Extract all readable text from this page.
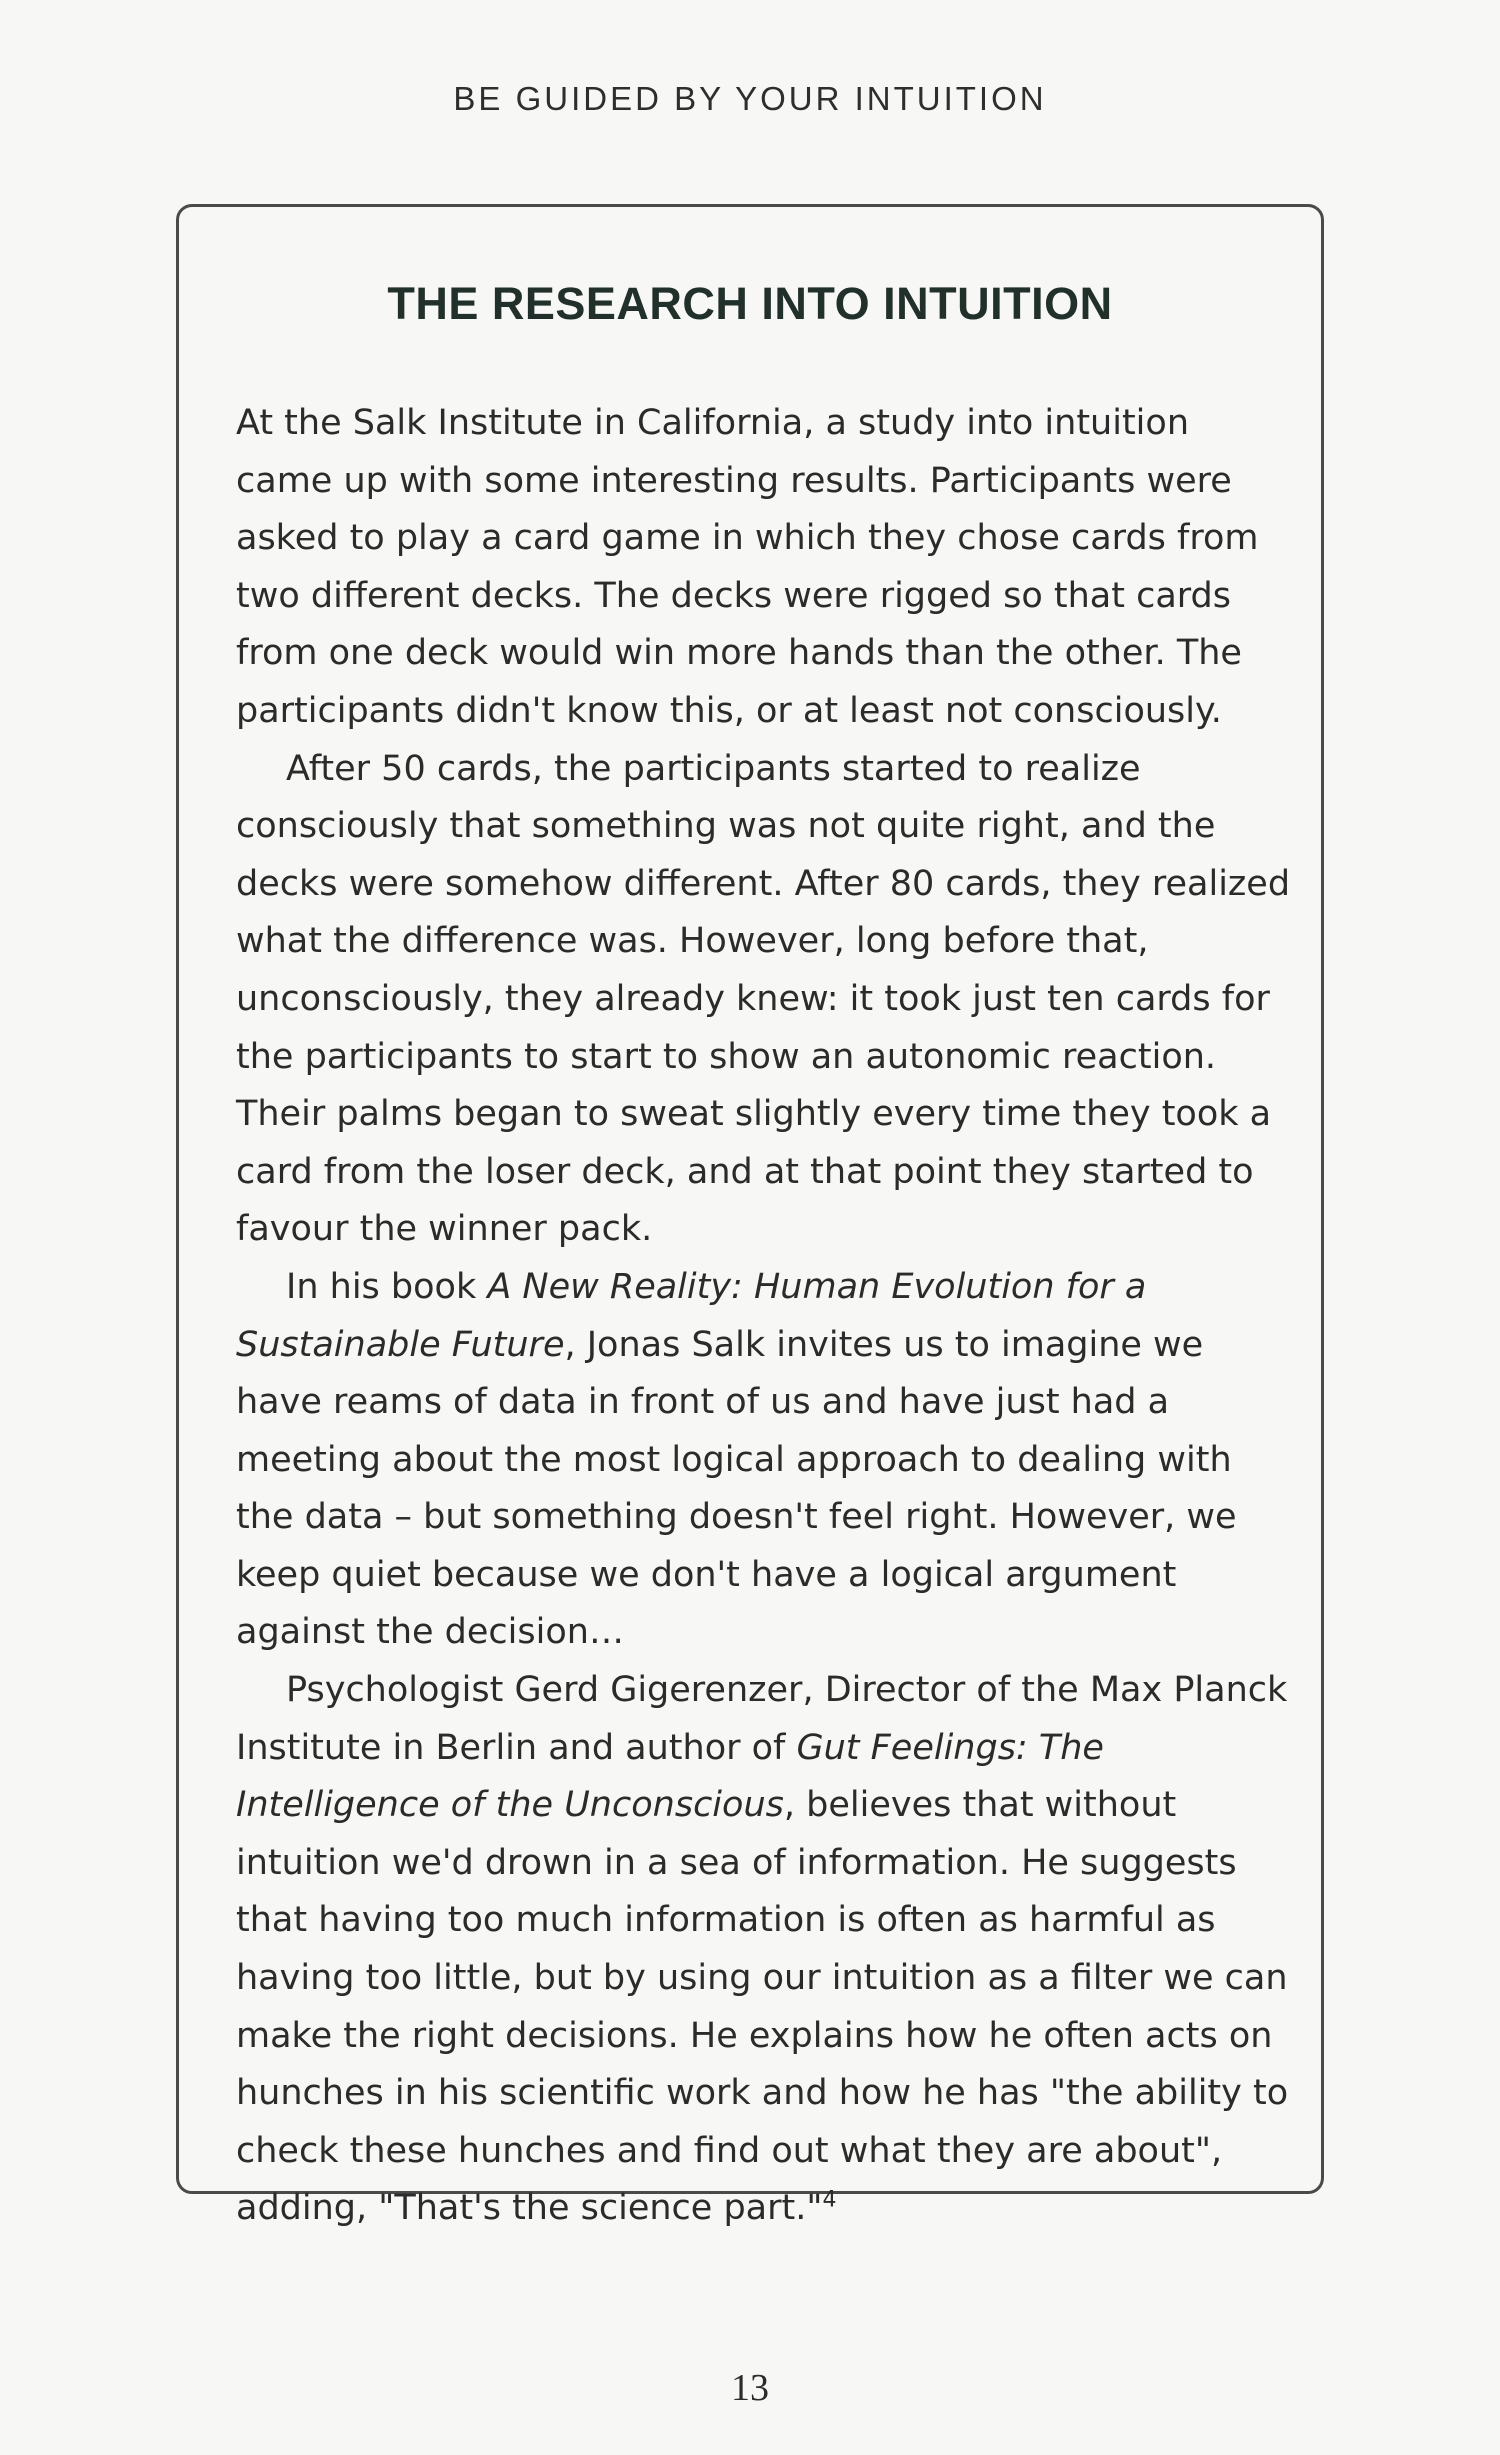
BE GUIDED BY YOUR INTUITION
THE RESEARCH INTO INTUITION

At the Salk Institute in California, a study into intuition came up with some interesting results. Participants were asked to play a card game in which they chose cards from two different decks. The decks were rigged so that cards from one deck would win more hands than the other. The participants didn't know this, or at least not consciously.

After 50 cards, the participants started to realize consciously that something was not quite right, and the decks were somehow different. After 80 cards, they realized what the difference was. However, long before that, unconsciously, they already knew: it took just ten cards for the participants to start to show an autonomic reaction. Their palms began to sweat slightly every time they took a card from the loser deck, and at that point they started to favour the winner pack.

In his book A New Reality: Human Evolution for a Sustainable Future, Jonas Salk invites us to imagine we have reams of data in front of us and have just had a meeting about the most logical approach to dealing with the data – but something doesn't feel right. However, we keep quiet because we don't have a logical argument against the decision…

Psychologist Gerd Gigerenzer, Director of the Max Planck Institute in Berlin and author of Gut Feelings: The Intelligence of the Unconscious, believes that without intuition we'd drown in a sea of information. He suggests that having too much information is often as harmful as having too little, but by using our intuition as a filter we can make the right decisions. He explains how he often acts on hunches in his scientific work and how he has "the ability to check these hunches and find out what they are about", adding, "That's the science part."$^4$

13
